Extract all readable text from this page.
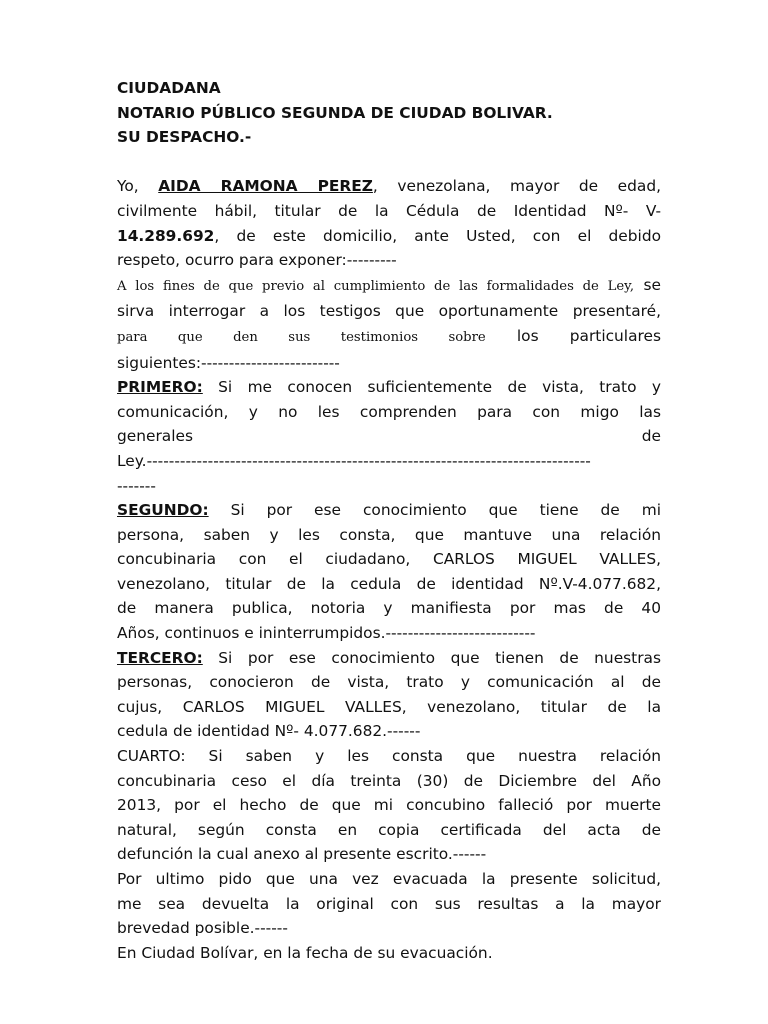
CIUDADANA
NOTARIO PÚBLICO SEGUNDA DE CIUDAD BOLIVAR.
SU DESPACHO.-

Yo, AIDA RAMONA PEREZ, venezolana, mayor de edad,
civilmente hábil, titular de la Cédula de Identidad Nº- V-
14.289.692, de este domicilio, ante Usted, con el debido
respeto, ocurro para exponer:---------

A los fines de que previo al cumplimiento de las formalidades de Ley, se
sirva interrogar a los testigos que oportunamente presentaré,
para que den sus testimonios sobre los particulares
siguientes:-------------------------

PRIMERO: Si me conocen suficientemente de vista, trato y
comunicación, y no les comprenden para con migo las
generales de
Ley.--------------------------------------------------------------------------------
-------

SEGUNDO: Si por ese conocimiento que tiene de mi
persona, saben y les consta, que mantuve una relación
concubinaria con el ciudadano, CARLOS MIGUEL VALLES,
venezolano, titular de la cedula de identidad Nº.V-4.077.682,
de manera publica, notoria y manifiesta por mas de 40
Años, continuos e ininterrumpidos.---------------------------

TERCERO: Si por ese conocimiento que tienen de nuestras
personas, conocieron de vista, trato y comunicación al de
cujus, CARLOS MIGUEL VALLES, venezolano, titular de la
cedula de identidad Nº- 4.077.682.------

CUARTO: Si saben y les consta que nuestra relación
concubinaria ceso el día treinta (30) de Diciembre del Año
2013, por el hecho de que mi concubino falleció por muerte
natural, según consta en copia certificada del acta de
defunción la cual anexo al presente escrito.------

Por ultimo pido que una vez evacuada la presente solicitud,
me sea devuelta la original con sus resultas a la mayor
brevedad posible.------
En Ciudad Bolívar, en la fecha de su evacuación.
